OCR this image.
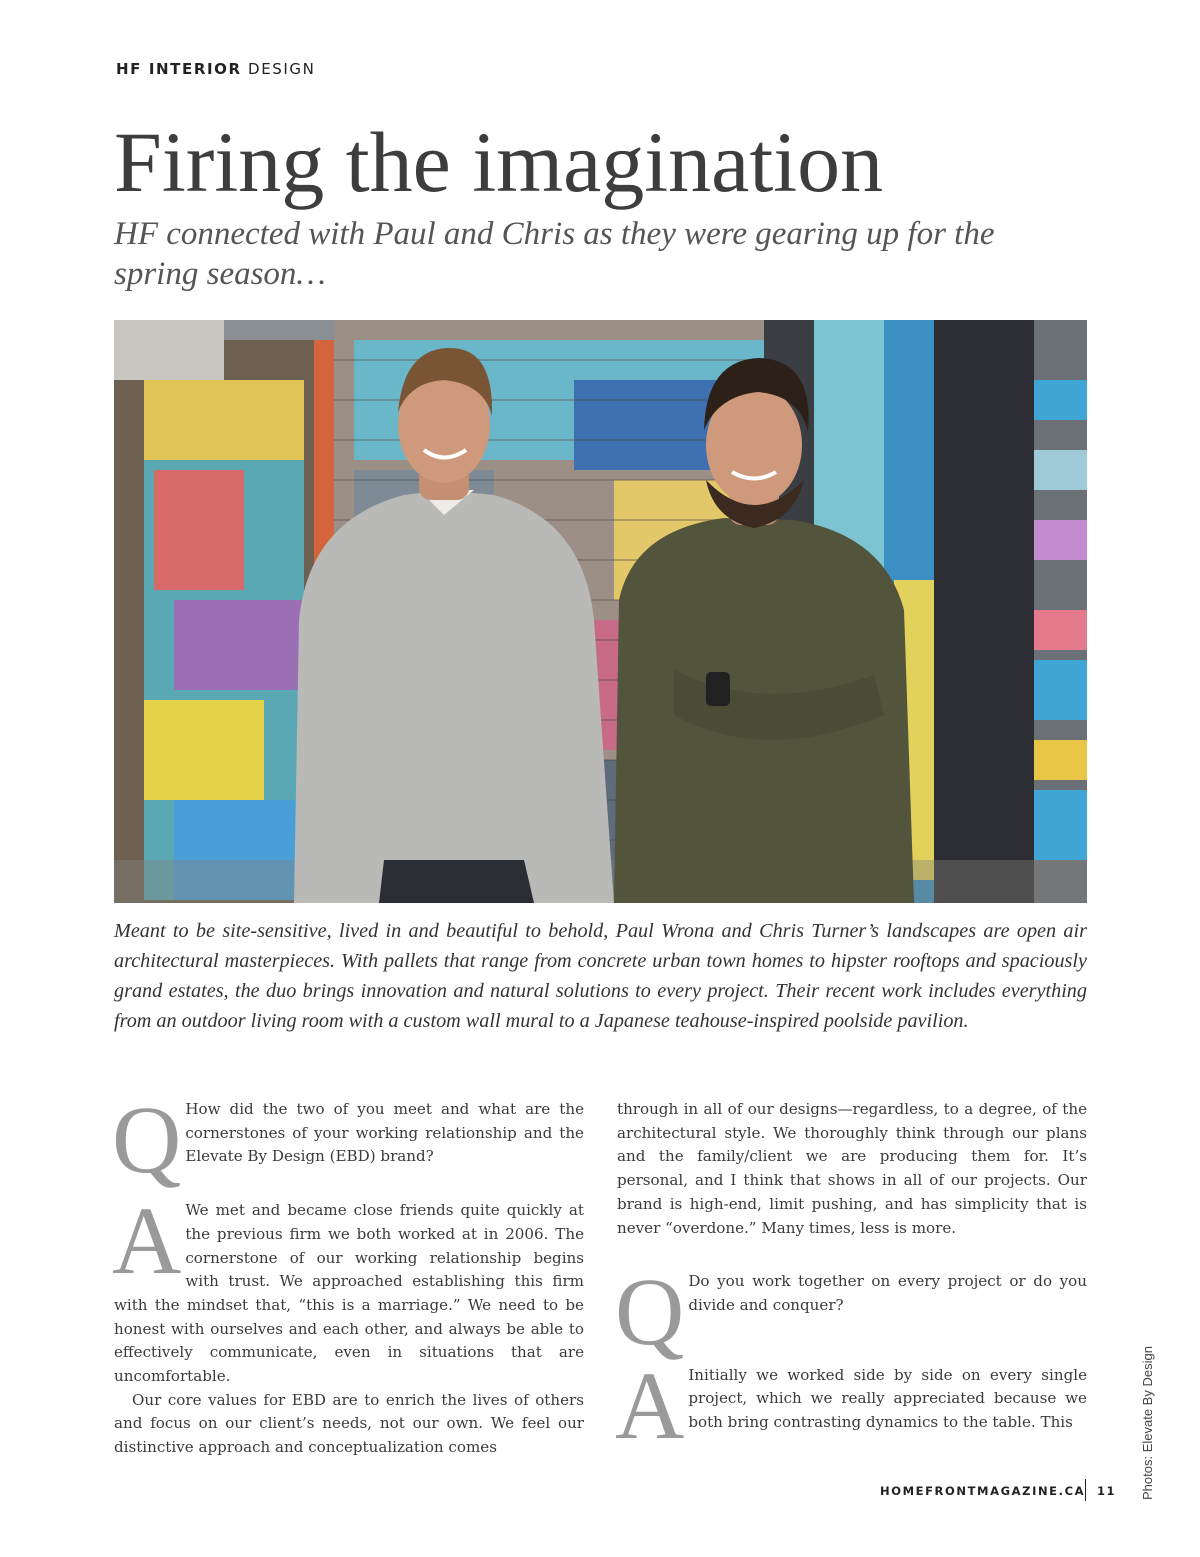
HF INTERIOR DESIGN
Firing the imagination

HF connected with Paul and Chris as they were gearing up for the spring season…

Meant to be site-sensitive, lived in and beautiful to behold, Paul Wrona and Chris Turner’s landscapes are open air architectural masterpieces. With pallets that range from concrete urban town homes to hipster rooftops and spaciously grand estates, the duo brings innovation and natural solutions to every project. Their recent work includes everything from an outdoor living room with a custom wall mural to a Japanese teahouse-inspired poolside pavilion.

Q How did the two of you meet and what are the cornerstones of your working relationship and the Elevate By Design (EBD) brand?

A We met and became close friends quite quickly at the previous firm we both worked at in 2006. The cornerstone of our working relationship begins with trust. We approached establishing this firm with the mindset that, “this is a marriage.” We need to be honest with ourselves and each other, and always be able to effectively communicate, even in situations that are uncomfortable.

Our core values for EBD are to enrich the lives of others and focus on our client’s needs, not our own. We feel our distinctive approach and conceptualization comes

HOMEFRONTMAGAZINE.CA 11 Photos: Elevate By Design

through in all of our designs—regardless, to a degree, of the architectural style. We thoroughly think through our plans and the family/client we are producing them for. It’s personal, and I think that shows in all of our projects. Our brand is high-end, limit pushing, and has simplicity that is never “overdone.” Many times, less is more.

Q Do you work together on every project or do you divide and conquer?

A Initially we worked side by side on every single project, which we really appreciated because we both bring contrasting dynamics to the table. This
